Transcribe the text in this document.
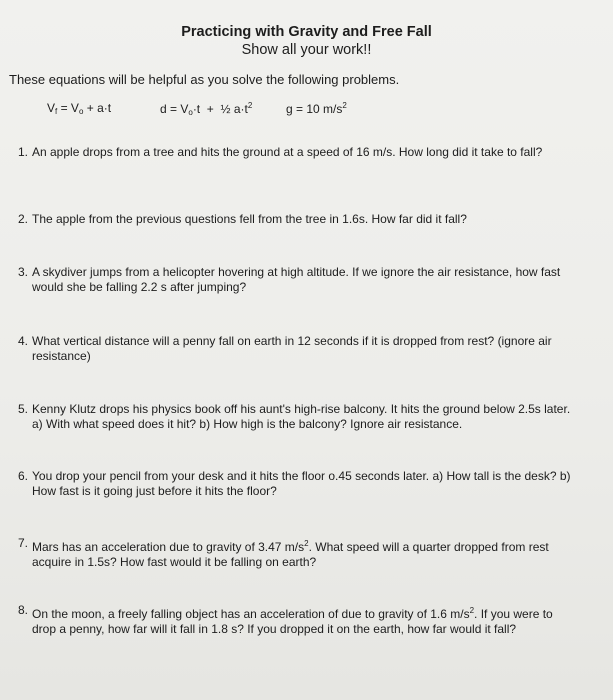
Practicing with Gravity and Free Fall
Show all your work!!
These equations will be helpful as you solve the following problems.
$V_f = V_o + a\cdot t$	$d = V_o\cdot t$  +  ½ $a\cdot t^2$	g = 10 $m/s^2$
1. An apple drops from a tree and hits the ground at a speed of 16 m/s. How long did it take to fall?
2. The apple from the previous questions fell from the tree in 1.6s. How far did it fall?
3. A skydiver jumps from a helicopter hovering at high altitude. If we ignore the air resistance, how fast would she be falling 2.2 s after jumping?
4. What vertical distance will a penny fall on earth in 12 seconds if it is dropped from rest? (ignore air resistance)
5. Kenny Klutz drops his physics book off his aunt's high-rise balcony. It hits the ground below 2.5s later. a) With what speed does it hit? b) How high is the balcony? Ignore air resistance.
6. You drop your pencil from your desk and it hits the floor o.45 seconds later. a) How tall is the desk? b) How fast is it going just before it hits the floor?
7. Mars has an acceleration due to gravity of 3.47 $m/s^2$. What speed will a quarter dropped from rest acquire in 1.5s? How fast would it be falling on earth?
8. On the moon, a freely falling object has an acceleration of due to gravity of 1.6 $m/s^2$. If you were to drop a penny, how far will it fall in 1.8 s? If you dropped it on the earth, how far would it fall?
